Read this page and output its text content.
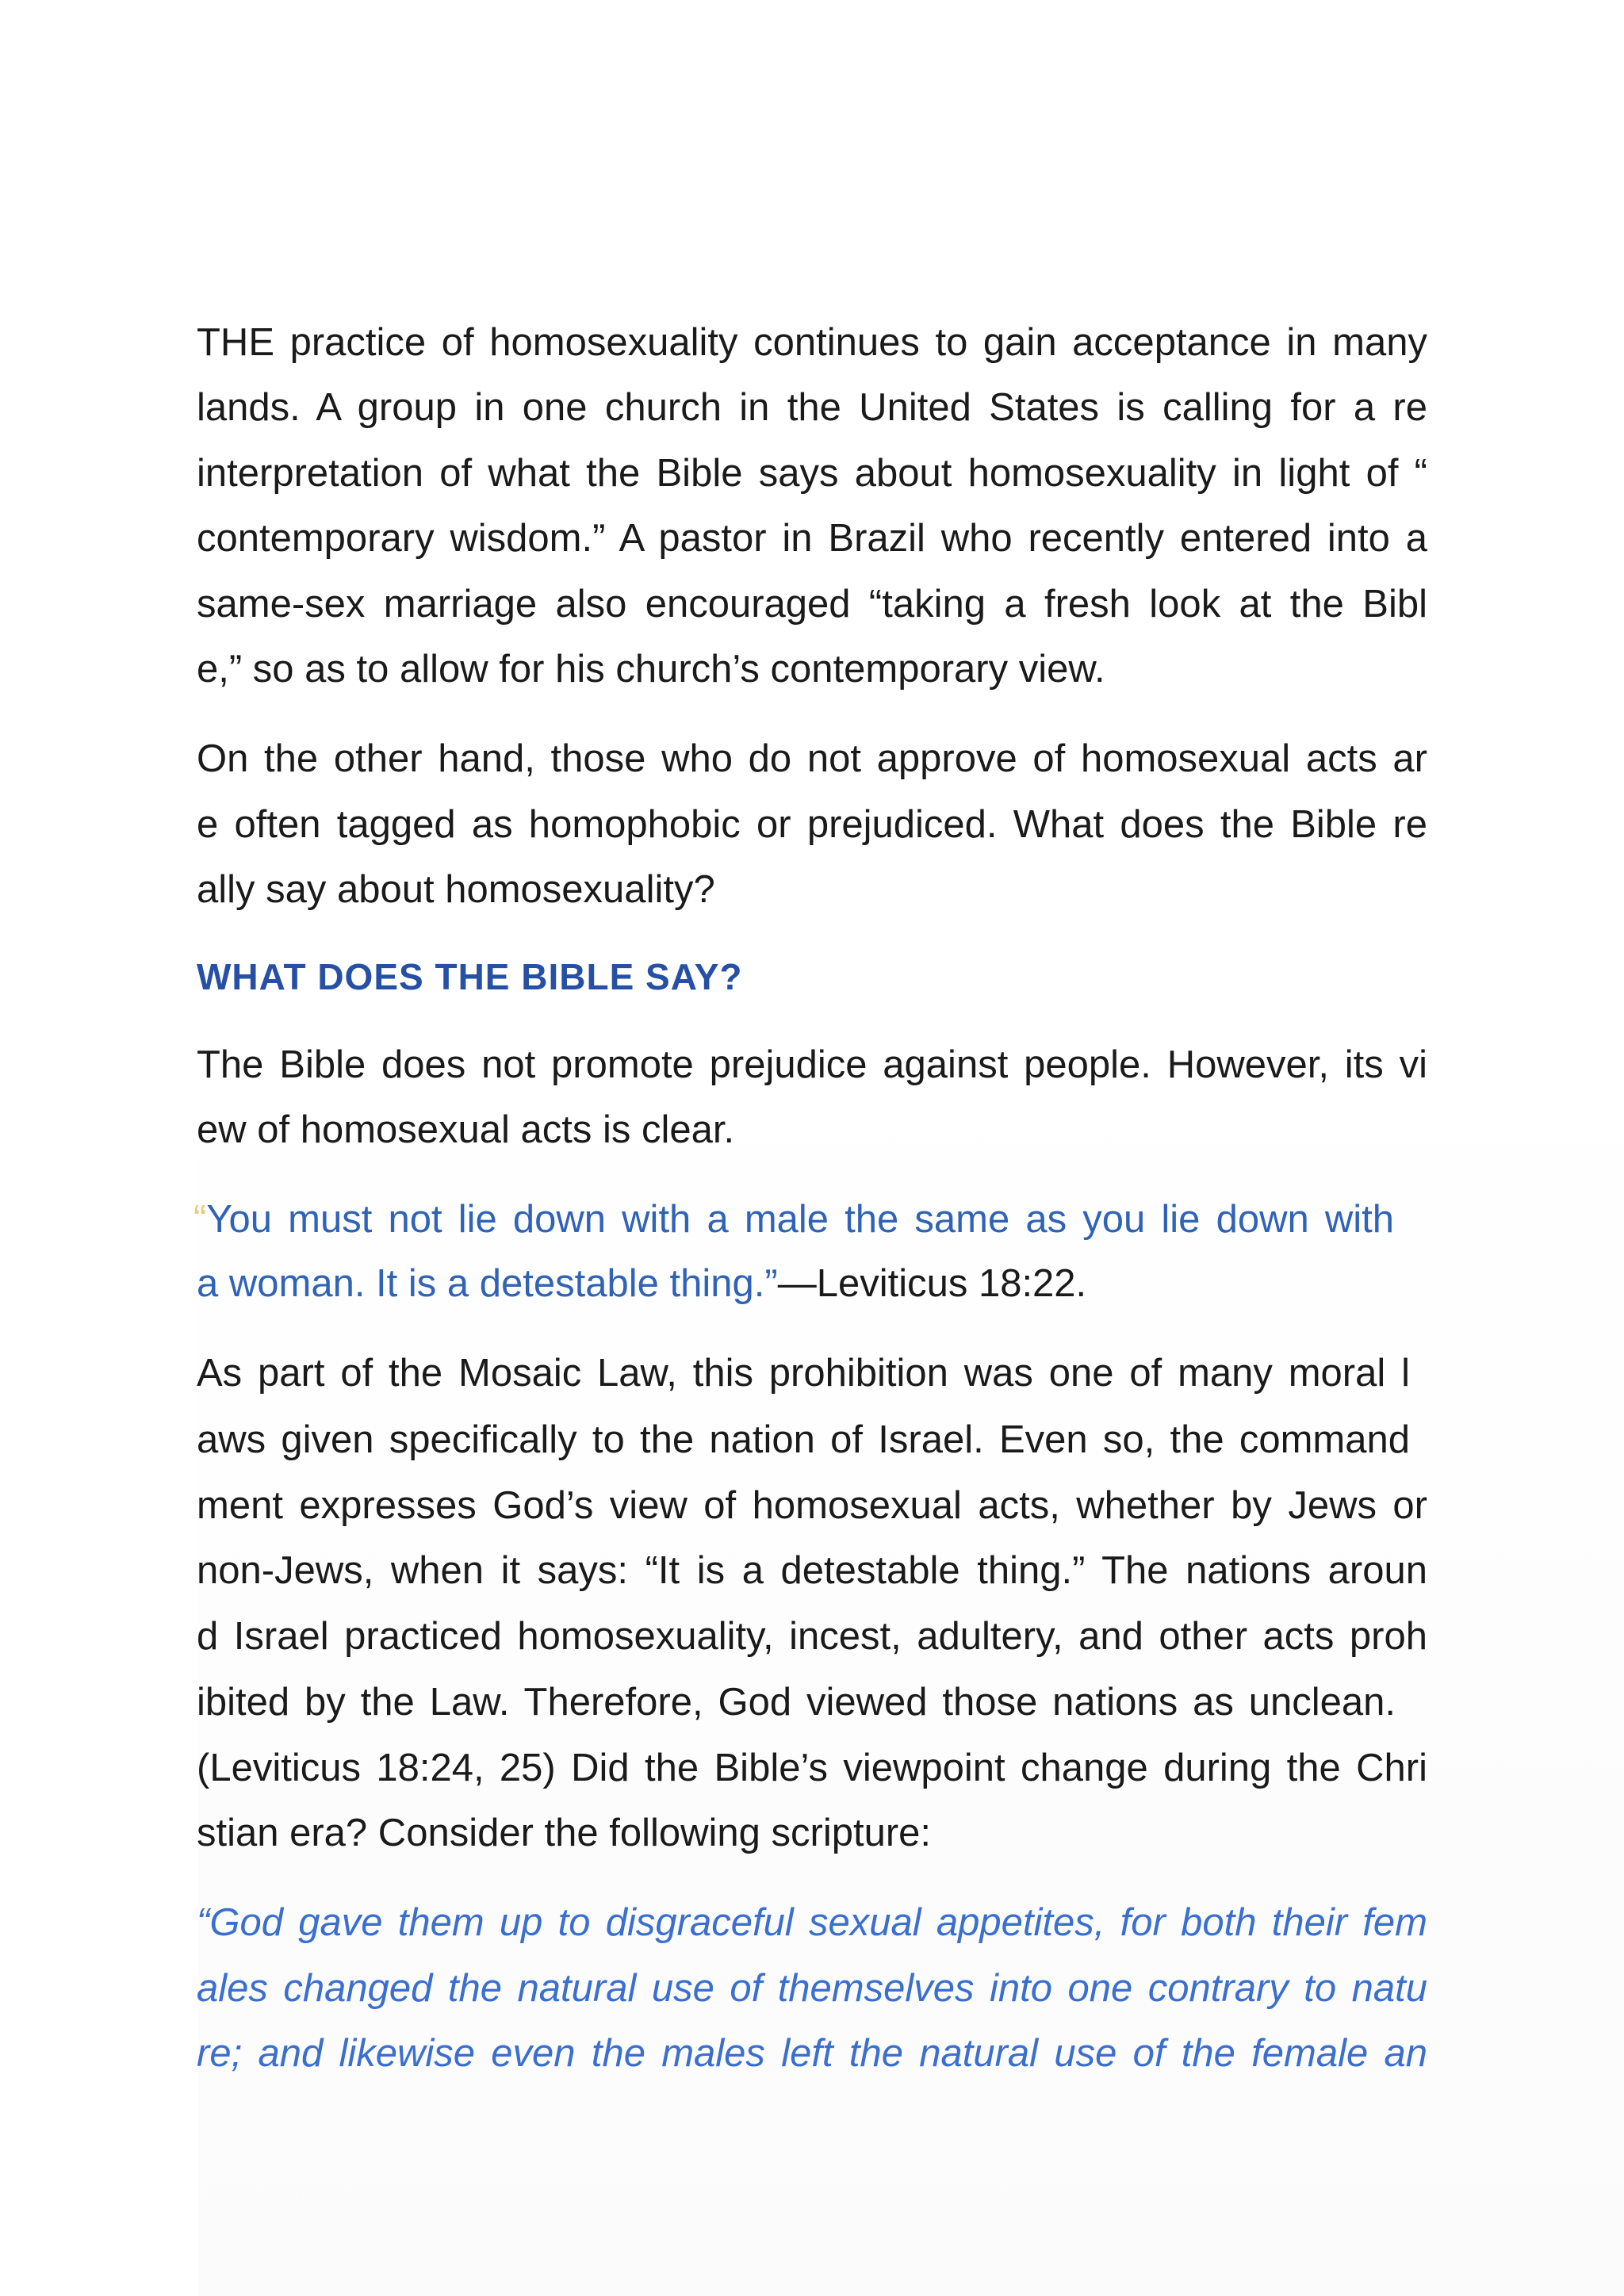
THE practice of homosexuality continues to gain acceptance in many

lands. A group in one church in the United States is calling for a re

interpretation of what the Bible says about homosexuality in light of “

contemporary wisdom.” A pastor in Brazil who recently entered into a

same-sex marriage also encouraged “taking a fresh look at the Bibl

e,” so as to allow for his church’s contemporary view.

On the other hand, those who do not approve of homosexual acts ar

e often tagged as homophobic or prejudiced. What does the Bible re

ally say about homosexuality?

WHAT DOES THE BIBLE SAY?

The Bible does not promote prejudice against people. However, its vi

ew of homosexual acts is clear.

“You must not lie down with a male the same as you lie down with

a woman. It is a detestable thing.”—Leviticus 18:22.

As part of the Mosaic Law, this prohibition was one of many moral l

aws given specifically to the nation of Israel. Even so, the command

ment expresses God’s view of homosexual acts, whether by Jews or

non-Jews, when it says: “It is a detestable thing.” The nations aroun

d Israel practiced homosexuality, incest, adultery, and other acts proh

ibited by the Law. Therefore, God viewed those nations as unclean.

(Leviticus 18:24, 25) Did the Bible’s viewpoint change during the Chri

stian era? Consider the following scripture:

“God gave them up to disgraceful sexual appetites, for both their fem

ales changed the natural use of themselves into one contrary to natu

re; and likewise even the males left the natural use of the female an
